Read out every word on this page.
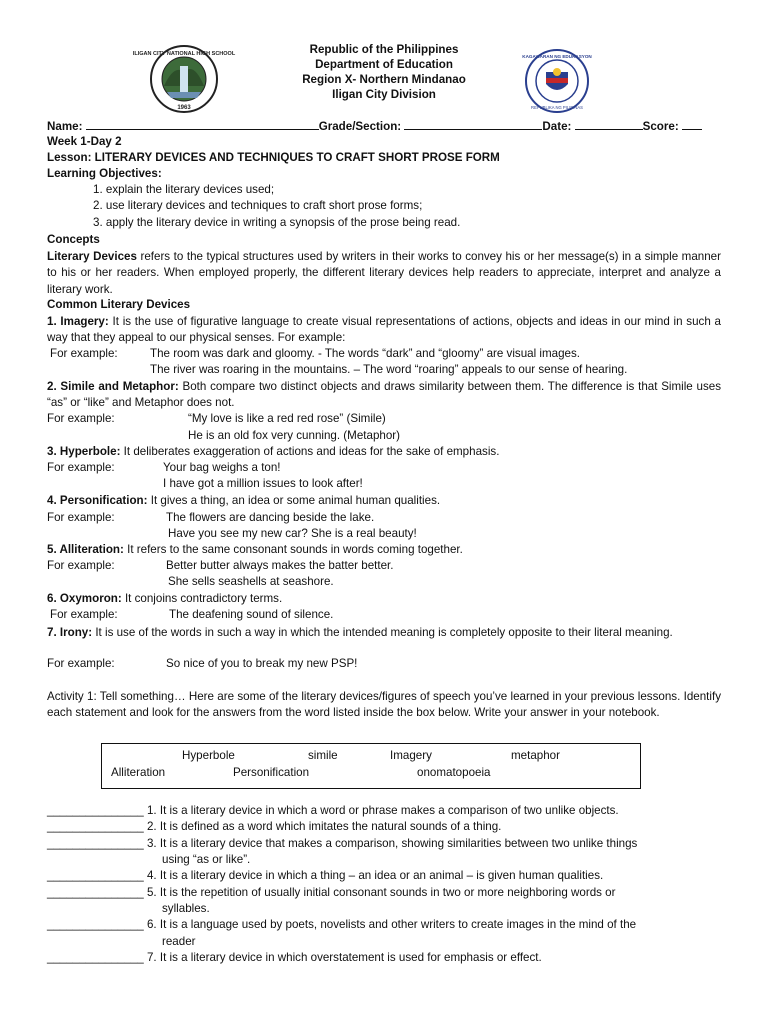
ILIGAN CITY NATIONAL HIGH SCHOOL
1963
KAGAWARAN NG EDUKASYON
REPUBLIKA NG PILIPINAS
Republic of the Philippines
Department of Education
Region X- Northern Mindanao
Iligan City Division
Name:	Grade/Section:	Date:	Score:
Week 1-Day 2
Lesson: LITERARY DEVICES AND TECHNIQUES TO CRAFT SHORT PROSE FORM
Learning Objectives:
1. explain the literary devices used;
2. use literary devices and techniques to craft short prose forms;
3. apply the literary device in writing a synopsis of the prose being read.
Concepts
Literary Devices refers to the typical structures used by writers in their works to convey his or her message(s) in a simple manner to his or her readers. When employed properly, the different literary devices help readers to appreciate, interpret and analyze a literary work.
Common Literary Devices
1. Imagery: It is the use of figurative language to create visual representations of actions, objects and ideas in our mind in such a way that they appeal to our physical senses. For example:
For example:	The room was dark and gloomy. - The words “dark” and “gloomy” are visual images.
The river was roaring in the mountains. – The word “roaring” appeals to our sense of hearing.
2. Simile and Metaphor: Both compare two distinct objects and draws similarity between them. The difference is that Simile uses “as” or “like” and Metaphor does not.
For example:	“My love is like a red red rose” (Simile)
He is an old fox very cunning. (Metaphor)
3. Hyperbole: It deliberates exaggeration of actions and ideas for the sake of emphasis.
For example:	Your bag weighs a ton!
I have got a million issues to look after!
4. Personification: It gives a thing, an idea or some animal human qualities.
For example:	The flowers are dancing beside the lake.
Have you see my new car? She is a real beauty!
5. Alliteration: It refers to the same consonant sounds in words coming together.
For example:	Better butter always makes the batter better.
She sells seashells at seashore.
6. Oxymoron: It conjoins contradictory terms.
For example:	The deafening sound of silence.
7. Irony: It is use of the words in such a way in which the intended meaning is completely opposite to their literal meaning.
For example:	So nice of you to break my new PSP!
Activity 1: Tell something… Here are some of the literary devices/figures of speech you’ve learned in your previous lessons. Identify each statement and look for the answers from the word listed inside the box below. Write your answer in your notebook.
Hyperbole	simile	Imagery	metaphor
Alliteration	Personification	onomatopoeia
_______________ 1. It is a literary device in which a word or phrase makes a comparison of two unlike objects.
_______________ 2. It is defined as a word which imitates the natural sounds of a thing.
_______________ 3. It is a literary device that makes a comparison, showing similarities between two unlike things
using “as or like”.
_______________ 4. It is a literary device in which a thing – an idea or an animal – is given human qualities.
_______________ 5. It is the repetition of usually initial consonant sounds in two or more neighboring words or
syllables.
_______________ 6. It is a language used by poets, novelists and other writers to create images in the mind of the
reader
_______________ 7. It is a literary device in which overstatement is used for emphasis or effect.
